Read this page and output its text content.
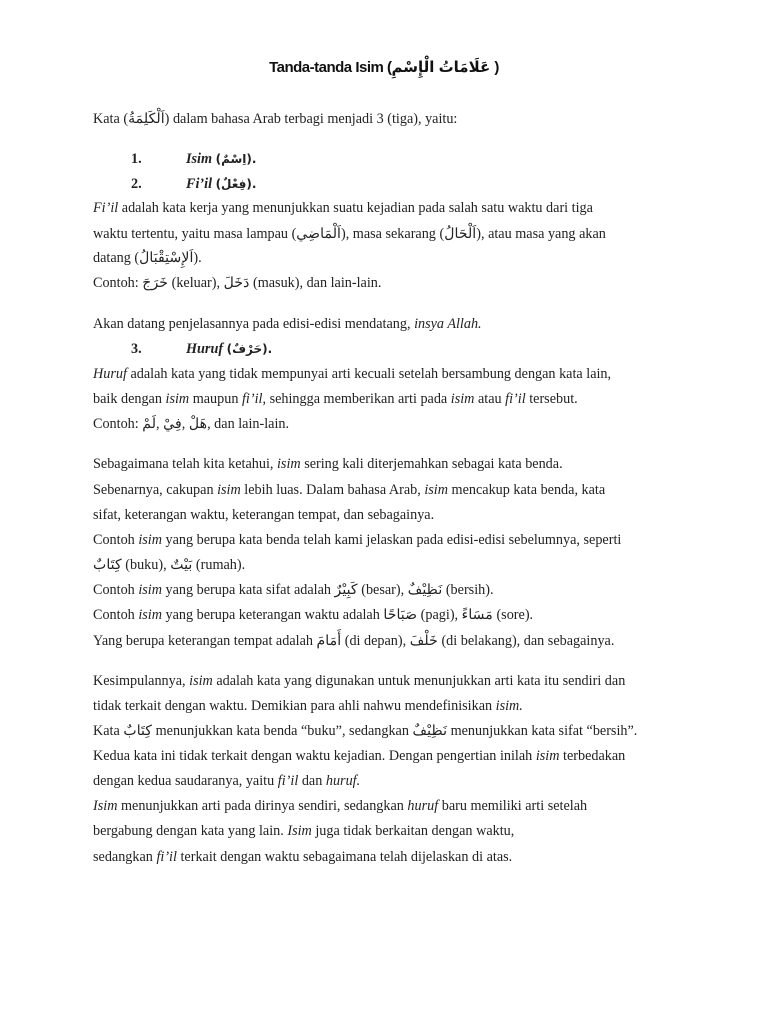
Tanda-tanda Isim (عَلَامَاتُ الْإِسْمِ )
Kata (اَلْكَلِمَةُ) dalam bahasa Arab terbagi menjadi 3 (tiga), yaitu:
1.	Isim (اِسْمٌ).
2.	Fi’il (فِعْلٌ).
Fi’il adalah kata kerja yang menunjukkan suatu kejadian pada salah satu waktu dari tiga
waktu tertentu, yaitu masa lampau (اَلْمَاضِي), masa sekarang (اَلْحَالُ), atau masa yang akan
datang (اَلإِسْتِقْبَالُ).
Contoh: خَرَجَ (keluar), دَخَلَ (masuk), dan lain-lain.
Akan datang penjelasannya pada edisi-edisi mendatang, insya Allah.
3.	Huruf (حَرْفٌ).
Huruf adalah kata yang tidak mempunyai arti kecuali setelah bersambung dengan kata lain,
baik dengan isim maupun fi’il, sehingga memberikan arti pada isim atau fi’il tersebut.
Contoh: هَلْ ,فِيْ ,لَمْ, dan lain-lain.
Sebagaimana telah kita ketahui, isim sering kali diterjemahkan sebagai kata benda.
Sebenarnya, cakupan isim lebih luas. Dalam bahasa Arab, isim mencakup kata benda, kata
sifat, keterangan waktu, keterangan tempat, dan sebagainya.
Contoh isim yang berupa kata benda telah kami jelaskan pada edisi-edisi sebelumnya, seperti
كِتَابٌ (buku), بَيْتٌ (rumah).
Contoh isim yang berupa kata sifat adalah كَبِيْرٌ (besar), نَظِيْفٌ (bersih).
Contoh isim yang berupa keterangan waktu adalah صَبَاحًا (pagi), مَسَاءً (sore).
Yang berupa keterangan tempat adalah أَمَامَ (di depan), خَلْفَ (di belakang), dan sebagainya.
Kesimpulannya, isim adalah kata yang digunakan untuk menunjukkan arti kata itu sendiri dan
tidak terkait dengan waktu. Demikian para ahli nahwu mendefinisikan isim.
Kata كِتَابٌ menunjukkan kata benda “buku”, sedangkan نَظِيْفٌ menunjukkan kata sifat “bersih”.
Kedua kata ini tidak terkait dengan waktu kejadian. Dengan pengertian inilah isim terbedakan
dengan kedua saudaranya, yaitu fi’il dan huruf.
Isim menunjukkan arti pada dirinya sendiri, sedangkan huruf baru memiliki arti setelah
bergabung dengan kata yang lain. Isim juga tidak berkaitan dengan waktu,
sedangkan fi’il terkait dengan waktu sebagaimana telah dijelaskan di atas.
